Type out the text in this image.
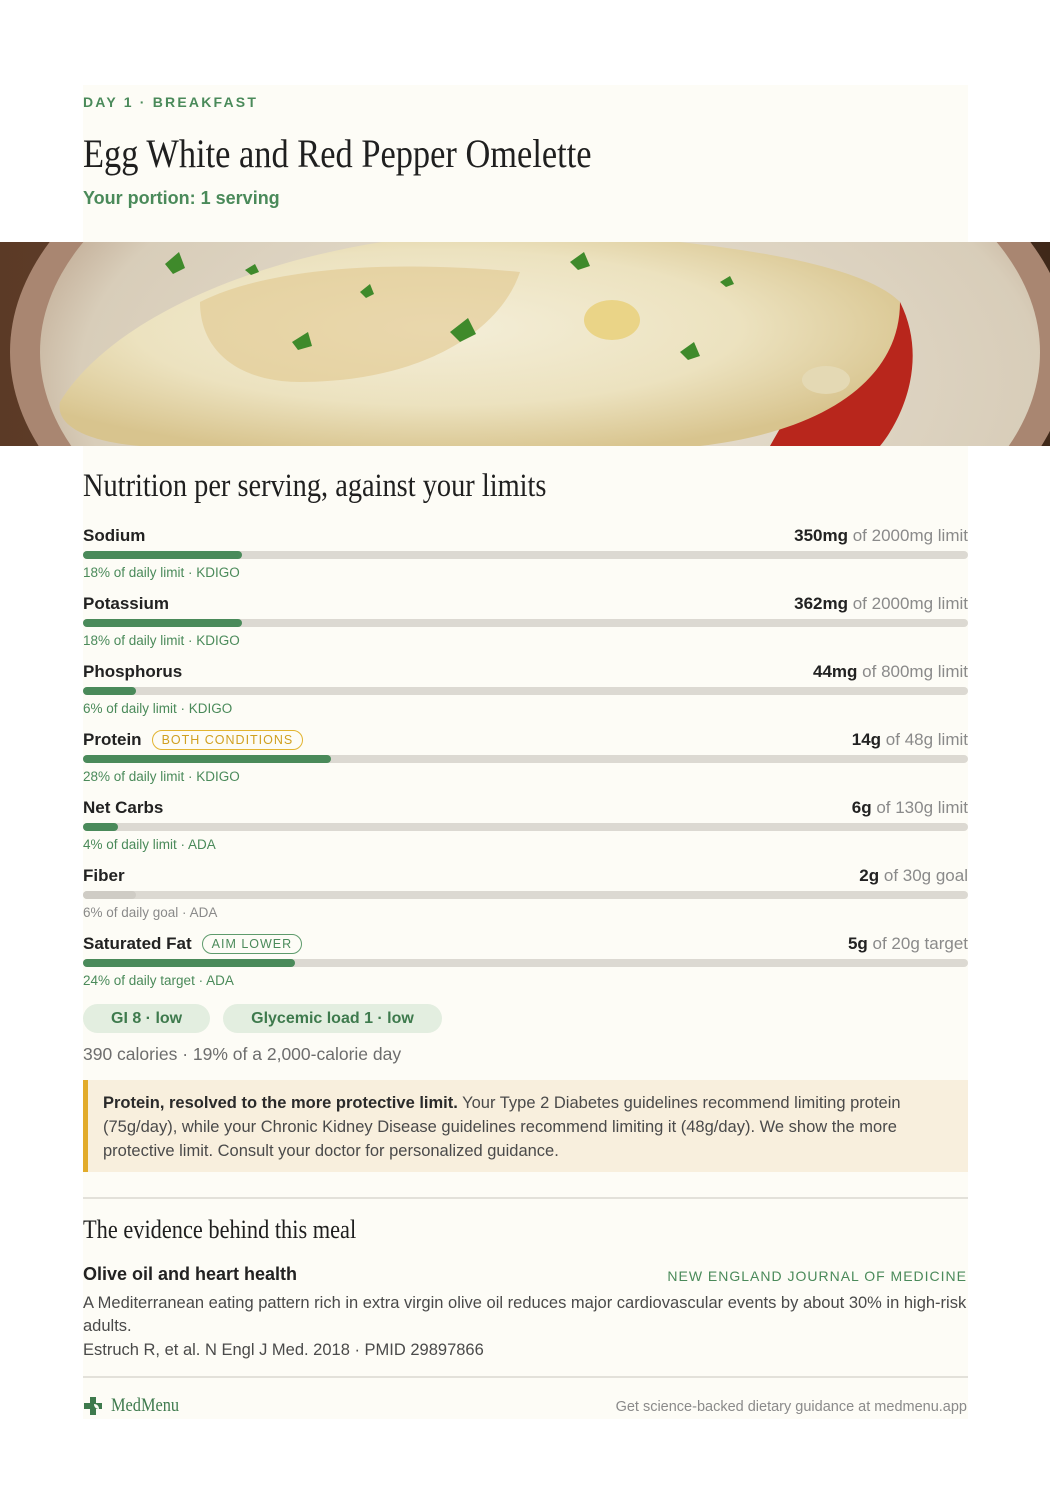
DAY 1 · BREAKFAST
Egg White and Red Pepper Omelette
Your portion: 1 serving
Nutrition per serving, against your limits
Sodium	350mg of 2000mg limit
18% of daily limit · KDIGO
Potassium	362mg of 2000mg limit
18% of daily limit · KDIGO
Phosphorus	44mg of 800mg limit
6% of daily limit · KDIGO
Protein	BOTH CONDITIONS	14g of 48g limit
28% of daily limit · KDIGO
Net Carbs	6g of 130g limit
4% of daily limit · ADA
Fiber	2g of 30g goal
6% of daily goal · ADA
Saturated Fat	AIM LOWER	5g of 20g target
24% of daily target · ADA
GI 8 · low	Glycemic load 1 · low
390 calories · 19% of a 2,000-calorie day
Protein, resolved to the more protective limit. Your Type 2 Diabetes guidelines recommend limiting protein (75g/day), while your Chronic Kidney Disease guidelines recommend limiting it (48g/day). We show the more protective limit. Consult your doctor for personalized guidance.
The evidence behind this meal
Olive oil and heart health	NEW ENGLAND JOURNAL OF MEDICINE
A Mediterranean eating pattern rich in extra virgin olive oil reduces major cardiovascular events by about 30% in high-risk adults.
Estruch R, et al. N Engl J Med. 2018 · PMID 29897866
MedMenu	Get science-backed dietary guidance at medmenu.app
